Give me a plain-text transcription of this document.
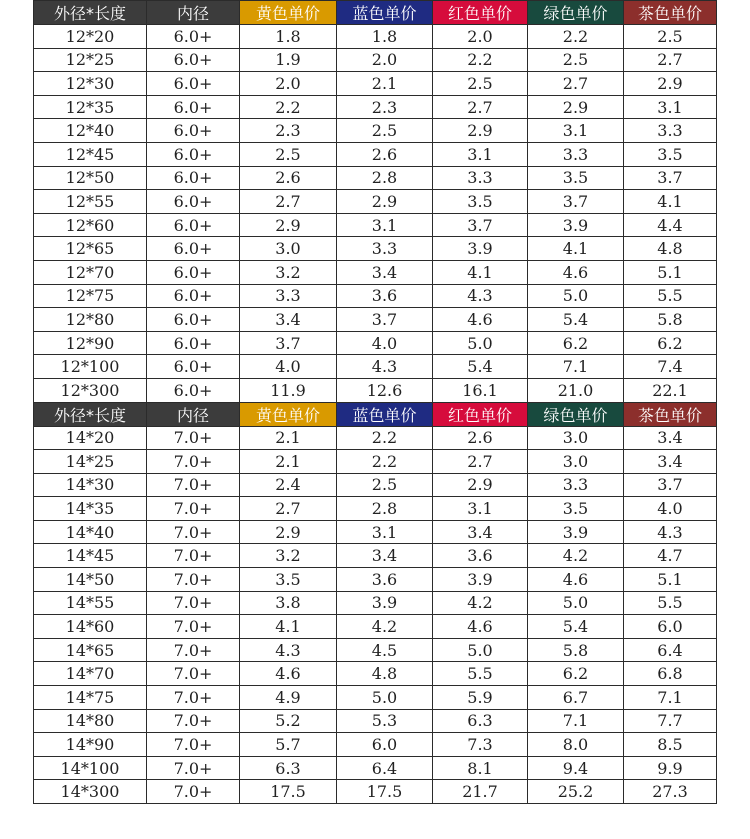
外径*长度	内径	黄色单价	蓝色单价	红色单价	绿色单价	茶色单价
12*20	6.0+	1.8	1.8	2.0	2.2	2.5
12*25	6.0+	1.9	2.0	2.2	2.5	2.7
12*30	6.0+	2.0	2.1	2.5	2.7	2.9
12*35	6.0+	2.2	2.3	2.7	2.9	3.1
12*40	6.0+	2.3	2.5	2.9	3.1	3.3
12*45	6.0+	2.5	2.6	3.1	3.3	3.5
12*50	6.0+	2.6	2.8	3.3	3.5	3.7
12*55	6.0+	2.7	2.9	3.5	3.7	4.1
12*60	6.0+	2.9	3.1	3.7	3.9	4.4
12*65	6.0+	3.0	3.3	3.9	4.1	4.8
12*70	6.0+	3.2	3.4	4.1	4.6	5.1
12*75	6.0+	3.3	3.6	4.3	5.0	5.5
12*80	6.0+	3.4	3.7	4.6	5.4	5.8
12*90	6.0+	3.7	4.0	5.0	6.2	6.2
12*100	6.0+	4.0	4.3	5.4	7.1	7.4
12*300	6.0+	11.9	12.6	16.1	21.0	22.1
外径*长度	内径	黄色单价	蓝色单价	红色单价	绿色单价	茶色单价
14*20	7.0+	2.1	2.2	2.6	3.0	3.4
14*25	7.0+	2.1	2.2	2.7	3.0	3.4
14*30	7.0+	2.4	2.5	2.9	3.3	3.7
14*35	7.0+	2.7	2.8	3.1	3.5	4.0
14*40	7.0+	2.9	3.1	3.4	3.9	4.3
14*45	7.0+	3.2	3.4	3.6	4.2	4.7
14*50	7.0+	3.5	3.6	3.9	4.6	5.1
14*55	7.0+	3.8	3.9	4.2	5.0	5.5
14*60	7.0+	4.1	4.2	4.6	5.4	6.0
14*65	7.0+	4.3	4.5	5.0	5.8	6.4
14*70	7.0+	4.6	4.8	5.5	6.2	6.8
14*75	7.0+	4.9	5.0	5.9	6.7	7.1
14*80	7.0+	5.2	5.3	6.3	7.1	7.7
14*90	7.0+	5.7	6.0	7.3	8.0	8.5
14*100	7.0+	6.3	6.4	8.1	9.4	9.9
14*300	7.0+	17.5	17.5	21.7	25.2	27.3
